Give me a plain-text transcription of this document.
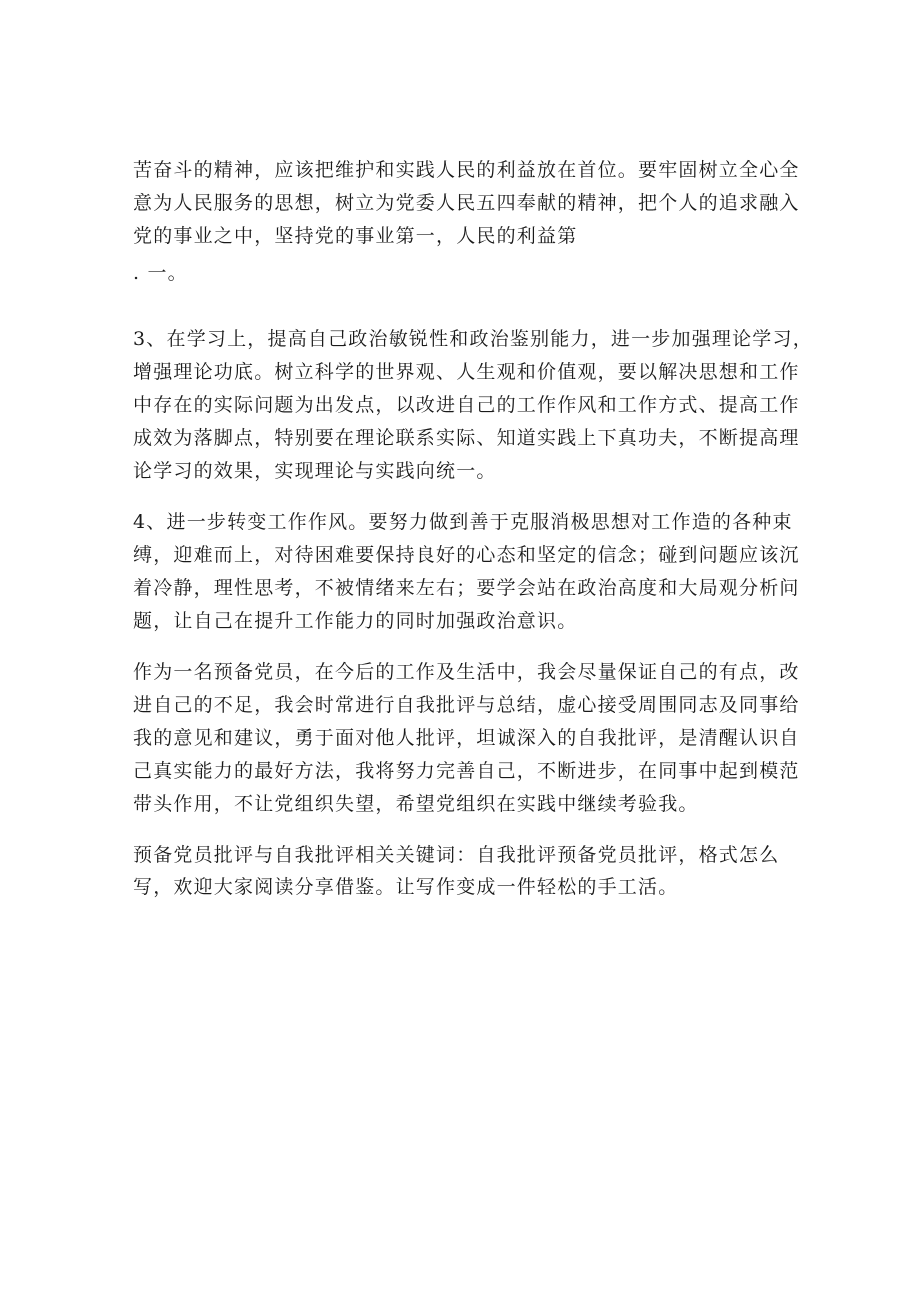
苦奋斗的精神，应该把维护和实践人民的利益放在首位。要牢固树立全心全意为人民服务的思想，树立为党委人民五四奉献的精神，把个人的追求融入党的事业之中，坚持党的事业第一，人民的利益第

. 一。

3、在学习上，提高自己政治敏锐性和政治鉴别能力，进一步加强理论学习，增强理论功底。树立科学的世界观、人生观和价值观，要以解决思想和工作中存在的实际问题为出发点，以改进自己的工作作风和工作方式、提高工作成效为落脚点，特别要在理论联系实际、知道实践上下真功夫，不断提高理论学习的效果，实现理论与实践向统一。

4、进一步转变工作作风。要努力做到善于克服消极思想对工作造的各种束缚，迎难而上，对待困难要保持良好的心态和坚定的信念；碰到问题应该沉着冷静，理性思考，不被情绪来左右；要学会站在政治高度和大局观分析问题，让自己在提升工作能力的同时加强政治意识。

作为一名预备党员，在今后的工作及生活中，我会尽量保证自己的有点，改进自己的不足，我会时常进行自我批评与总结，虚心接受周围同志及同事给我的意见和建议，勇于面对他人批评，坦诚深入的自我批评，是清醒认识自己真实能力的最好方法，我将努力完善自己，不断进步，在同事中起到模范带头作用，不让党组织失望，希望党组织在实践中继续考验我。

预备党员批评与自我批评相关关键词：自我批评预备党员批评，格式怎么写，欢迎大家阅读分享借鉴。让写作变成一件轻松的手工活。
